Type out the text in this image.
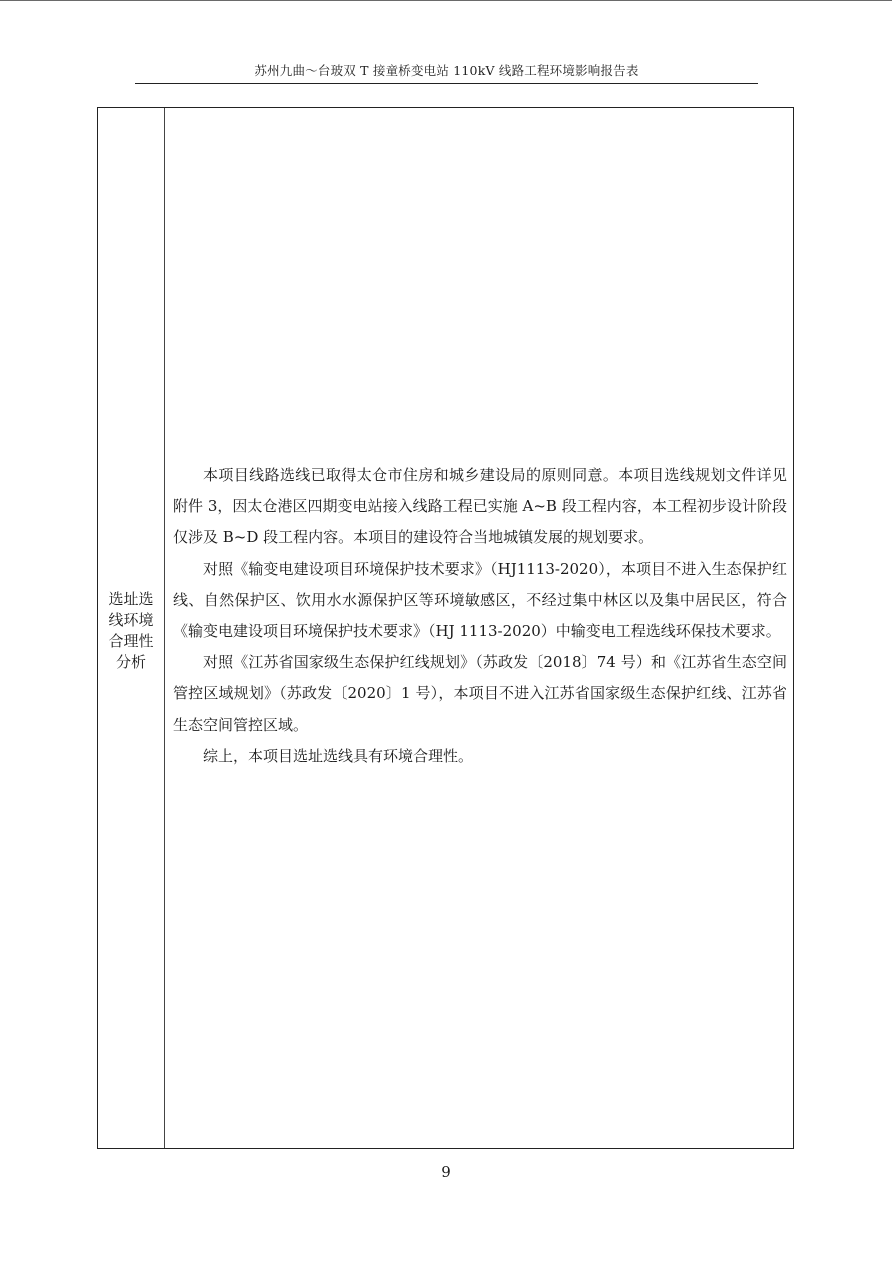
苏州九曲～台玻双 T 接童桥变电站 110kV 线路工程环境影响报告表
选址选线环境合理性分析

本项目线路选线已取得太仓市住房和城乡建设局的原则同意。本项目选线规划文件详见附件 3，因太仓港区四期变电站接入线路工程已实施 A~B 段工程内容，本工程初步设计阶段仅涉及 B~D 段工程内容。本项目的建设符合当地城镇发展的规划要求。

对照《输变电建设项目环境保护技术要求》（HJ1113-2020），本项目不进入生态保护红线、自然保护区、饮用水水源保护区等环境敏感区，不经过集中林区以及集中居民区，符合《输变电建设项目环境保护技术要求》（HJ 1113-2020）中输变电工程选线环保技术要求。

对照《江苏省国家级生态保护红线规划》（苏政发〔2018〕74 号）和《江苏省生态空间管控区域规划》（苏政发〔2020〕1 号），本项目不进入江苏省国家级生态保护红线、江苏省生态空间管控区域。

综上，本项目选址选线具有环境合理性。

9
